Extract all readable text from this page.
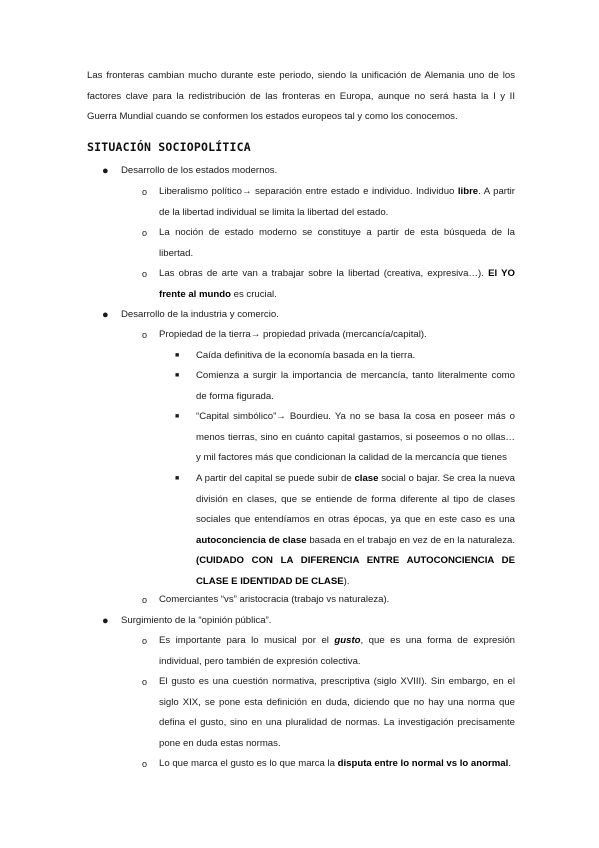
Las fronteras cambian mucho durante este periodo, siendo la unificación de Alemania uno de los factores clave para la redistribución de las fronteras en Europa, aunque no será hasta la I y II Guerra Mundial cuando se conformen los estados europeos tal y como los conocemos.

SITUACIÓN SOCIOPOLÍTICA
● Desarrollo de los estados modernos.
o Liberalismo político→ separación entre estado e individuo. Individuo libre. A partir de la libertad individual se limita la libertad del estado.
o La noción de estado moderno se constituye a partir de esta búsqueda de la libertad.
o Las obras de arte van a trabajar sobre la libertad (creativa, expresiva…). El YO frente al mundo es crucial.
● Desarrollo de la industria y comercio.
o Propiedad de la tierra→ propiedad privada (mercancía/capital).
■ Caída definitiva de la economía basada en la tierra.
■ Comienza a surgir la importancia de mercancía, tanto literalmente como de forma figurada.
■ “Capital simbólico”→ Bourdieu. Ya no se basa la cosa en poseer más o menos tierras, sino en cuánto capital gastamos, si poseemos o no ollas… y mil factores más que condicionan la calidad de la mercancía que tienes
■ A partir del capital se puede subir de clase social o bajar. Se crea la nueva división en clases, que se entiende de forma diferente al tipo de clases sociales que entendíamos en otras épocas, ya que en este caso es una autoconciencia de clase basada en el trabajo en vez de en la naturaleza. (CUIDADO CON LA DIFERENCIA ENTRE AUTOCONCIENCIA DE CLASE E IDENTIDAD DE CLASE).
o Comerciantes “vs” aristocracia (trabajo vs naturaleza).
● Surgimiento de la “opinión pública”.
o Es importante para lo musical por el gusto, que es una forma de expresión individual, pero también de expresión colectiva.
o El gusto es una cuestión normativa, prescriptiva (siglo XVIII). Sin embargo, en el siglo XIX, se pone esta definición en duda, diciendo que no hay una norma que defina el gusto, sino en una pluralidad de normas. La investigación precisamente pone en duda estas normas.
o Lo que marca el gusto es lo que marca la disputa entre lo normal vs lo anormal.
